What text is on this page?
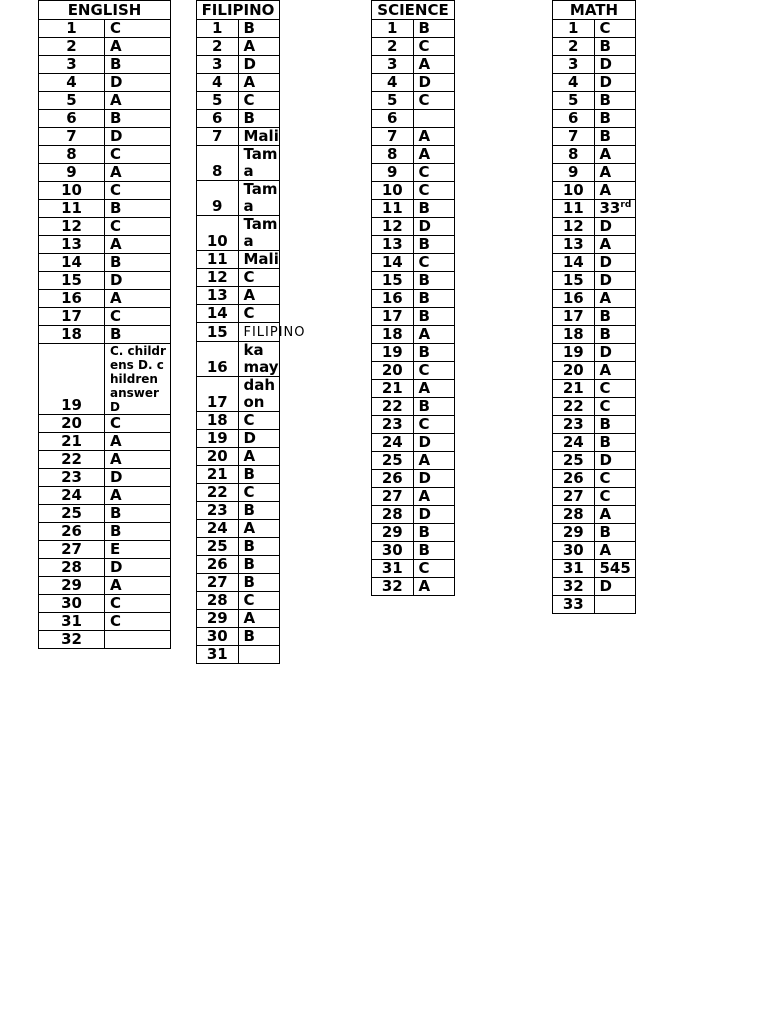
ENGLISH	
1	C
2	A
3	B
4	D
5	A
6	B
7	D
8	C
9	A
10	C
11	B
12	C
13	A
14	B
15	D
16	A
17	C
18	B
19	C. childrens D. children answer D
20	C
21	A
22	A
23	D
24	A
25	B
26	B
27	E
28	D
29	A
30	C
31	C
32	
FILIPINO	
1	B
2	A
3	D
4	A
5	C
6	B
7	Mali
8	Tama
9	Tama
10	Tama
11	Mali
12	C
13	A
14	C
15	FILIPINO
16	kamay
17	dahon
18	C
19	D
20	A
21	B
22	C
23	B
24	A
25	B
26	B
27	B
28	C
29	A
30	B
31	
SCIENCE	
1	B
2	C
3	A
4	D
5	C
6	
7	A
8	A
9	C
10	C
11	B
12	D
13	B
14	C
15	B
16	B
17	B
18	A
19	B
20	C
21	A
22	B
23	C
24	D
25	A
26	D
27	A
28	D
29	B
30	B
31	C
32	A
MATH	
1	C
2	B
3	D
4	D
5	B
6	B
7	B
8	A
9	A
10	A
11	33rd
12	D
13	A
14	D
15	D
16	A
17	B
18	B
19	D
20	A
21	C
22	C
23	B
24	B
25	D
26	C
27	C
28	A
29	B
30	A
31	545
32	D
33	
